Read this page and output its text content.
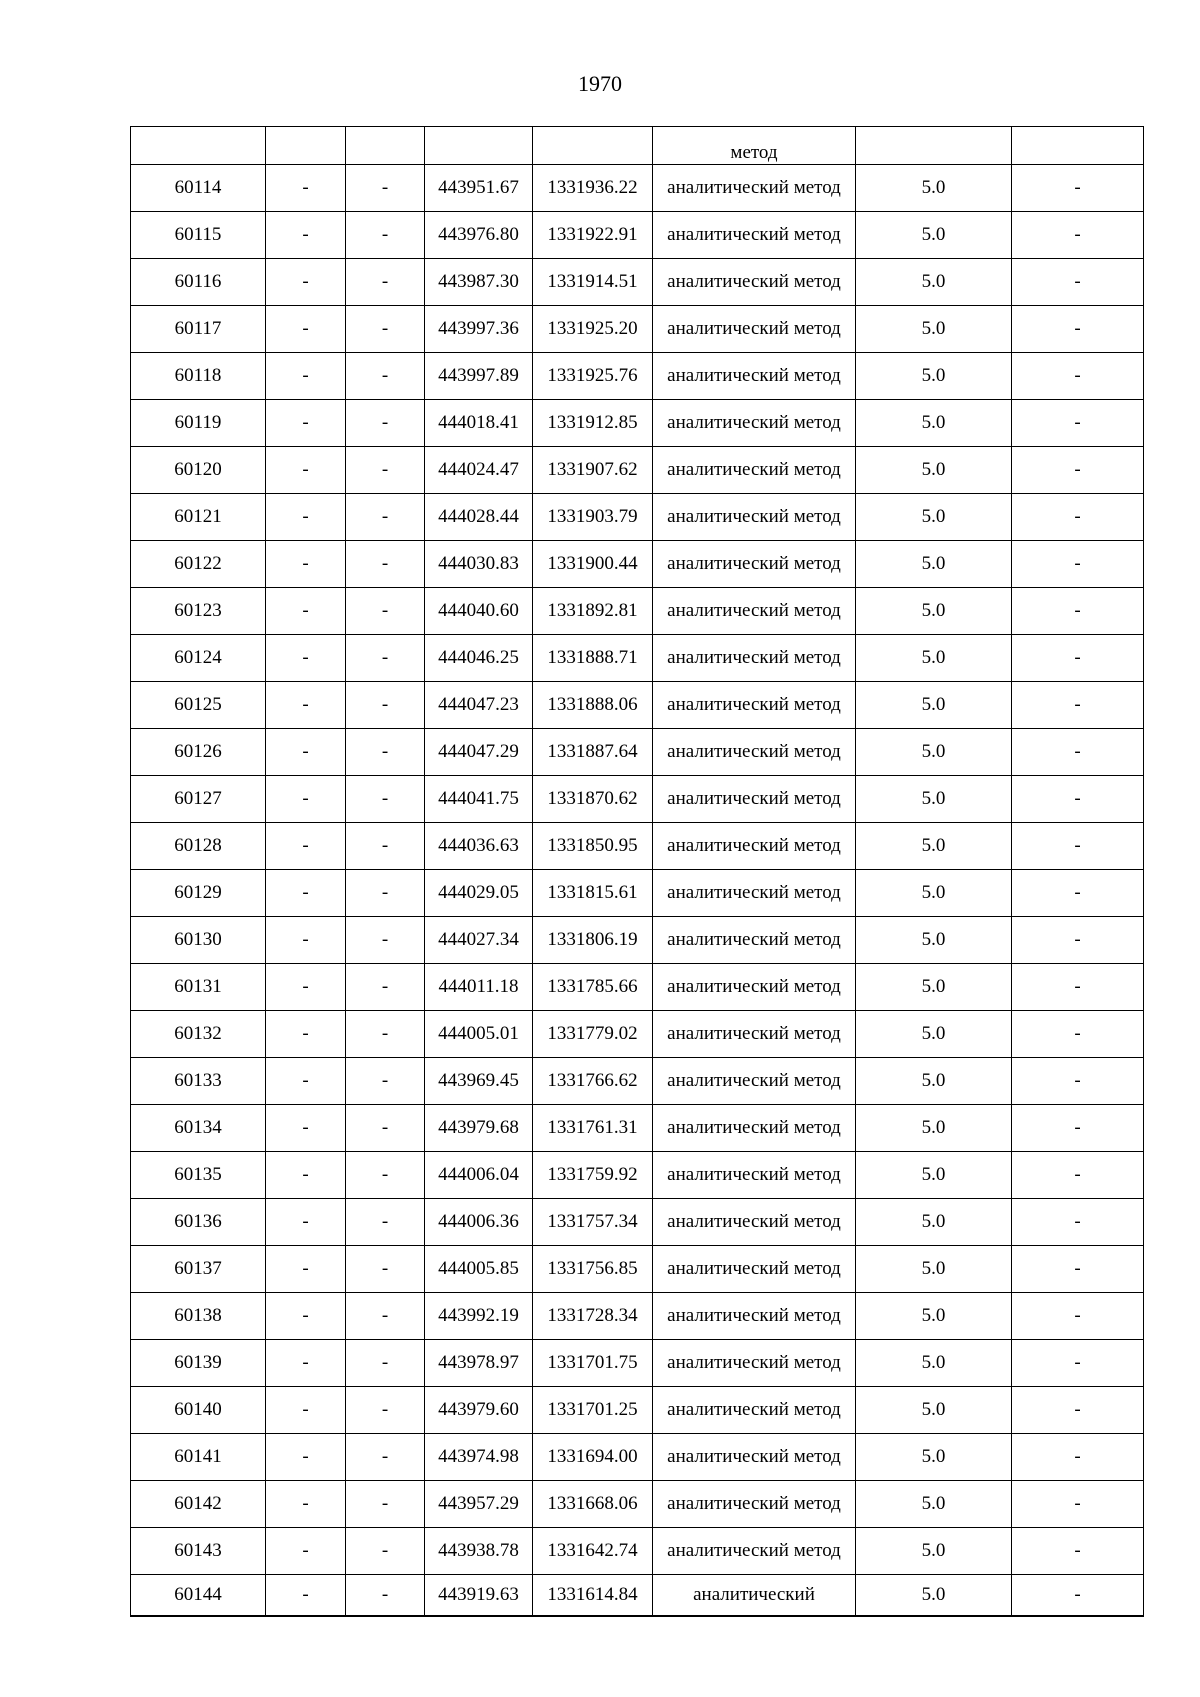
1970
					метод		
60114	-	-	443951.67	1331936.22	аналитический метод	5.0	-
60115	-	-	443976.80	1331922.91	аналитический метод	5.0	-
60116	-	-	443987.30	1331914.51	аналитический метод	5.0	-
60117	-	-	443997.36	1331925.20	аналитический метод	5.0	-
60118	-	-	443997.89	1331925.76	аналитический метод	5.0	-
60119	-	-	444018.41	1331912.85	аналитический метод	5.0	-
60120	-	-	444024.47	1331907.62	аналитический метод	5.0	-
60121	-	-	444028.44	1331903.79	аналитический метод	5.0	-
60122	-	-	444030.83	1331900.44	аналитический метод	5.0	-
60123	-	-	444040.60	1331892.81	аналитический метод	5.0	-
60124	-	-	444046.25	1331888.71	аналитический метод	5.0	-
60125	-	-	444047.23	1331888.06	аналитический метод	5.0	-
60126	-	-	444047.29	1331887.64	аналитический метод	5.0	-
60127	-	-	444041.75	1331870.62	аналитический метод	5.0	-
60128	-	-	444036.63	1331850.95	аналитический метод	5.0	-
60129	-	-	444029.05	1331815.61	аналитический метод	5.0	-
60130	-	-	444027.34	1331806.19	аналитический метод	5.0	-
60131	-	-	444011.18	1331785.66	аналитический метод	5.0	-
60132	-	-	444005.01	1331779.02	аналитический метод	5.0	-
60133	-	-	443969.45	1331766.62	аналитический метод	5.0	-
60134	-	-	443979.68	1331761.31	аналитический метод	5.0	-
60135	-	-	444006.04	1331759.92	аналитический метод	5.0	-
60136	-	-	444006.36	1331757.34	аналитический метод	5.0	-
60137	-	-	444005.85	1331756.85	аналитический метод	5.0	-
60138	-	-	443992.19	1331728.34	аналитический метод	5.0	-
60139	-	-	443978.97	1331701.75	аналитический метод	5.0	-
60140	-	-	443979.60	1331701.25	аналитический метод	5.0	-
60141	-	-	443974.98	1331694.00	аналитический метод	5.0	-
60142	-	-	443957.29	1331668.06	аналитический метод	5.0	-
60143	-	-	443938.78	1331642.74	аналитический метод	5.0	-
60144	-	-	443919.63	1331614.84	аналитический	5.0	-
